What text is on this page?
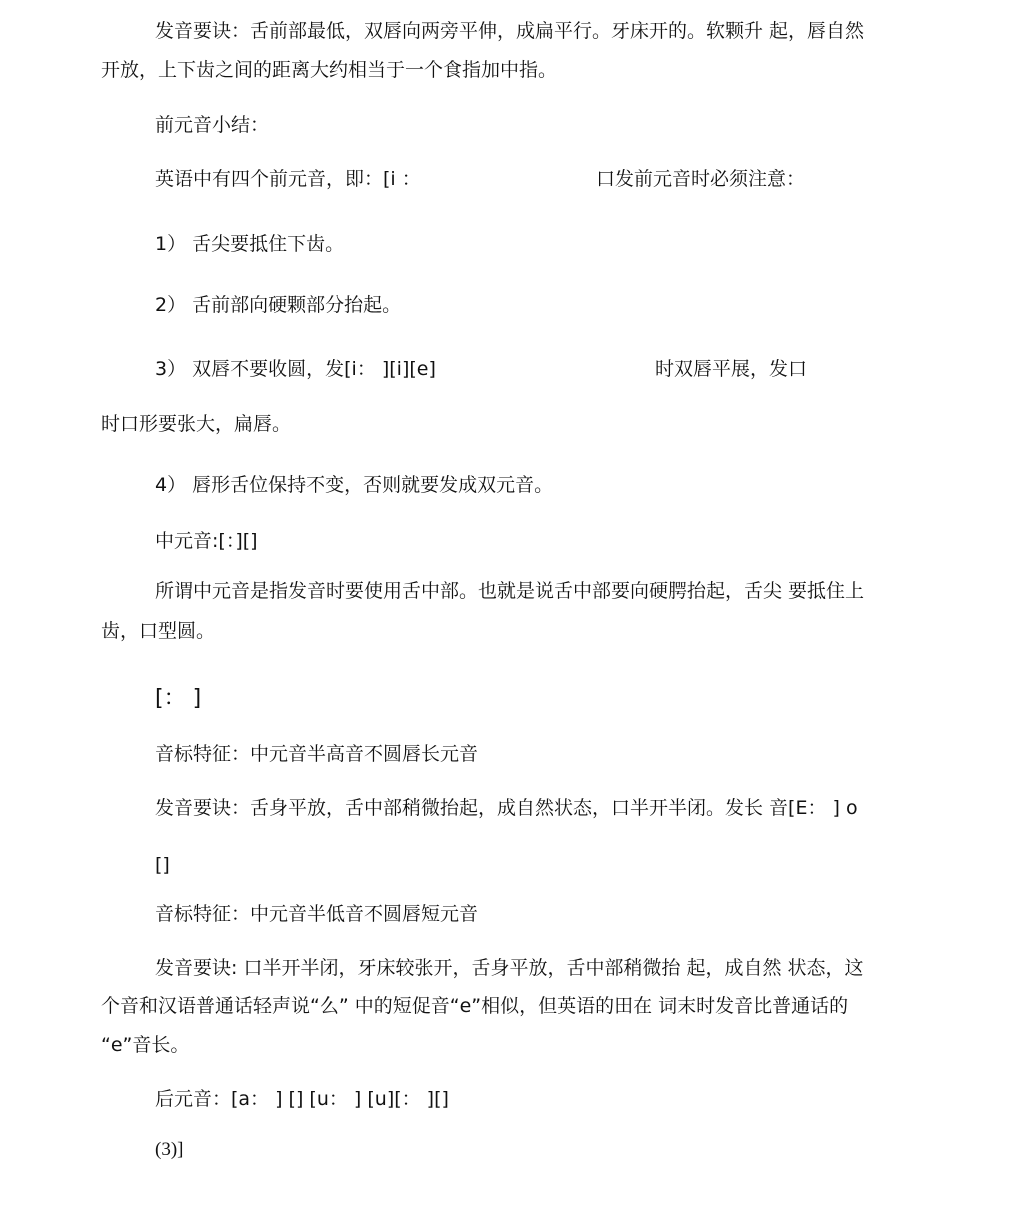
发音要诀：舌前部最低，双唇向两旁平伸，成扁平行。牙床开的。软颗升 起，唇自然

开放，上下齿之间的距离大约相当于一个食指加中指。

前元音小结：

英语中有四个前元音，即：[i ：	口发前元音时必须注意：

1） 舌尖要抵住下齿。

2） 舌前部向硬颗部分抬起。

3） 双唇不要收圆，发[i： ][i][e]	时双唇平展，发口

时口形要张大，扁唇。

4） 唇形舌位保持不变，否则就要发成双元音。

中元音:[：][]

所谓中元音是指发音时要使用舌中部。也就是说舌中部要向硬腭抬起，舌尖 要抵住上

齿，口型圆。

[： ]

音标特征：中元音半高音不圆唇长元音

发音要诀：舌身平放，舌中部稍微抬起，成自然状态，口半开半闭。发长 音[E： ] o

[]

音标特征：中元音半低音不圆唇短元音

发音要诀: 口半开半闭，牙床较张开，舌身平放，舌中部稍微抬 起，成自然 状态，这

个音和汉语普通话轻声说“么” 中的短促音“e”相似，但英语的田在 词末时发音比普通话的

“e”音长。

后元音：[a： ] [] [u： ] [u][： ][]

(3)]
